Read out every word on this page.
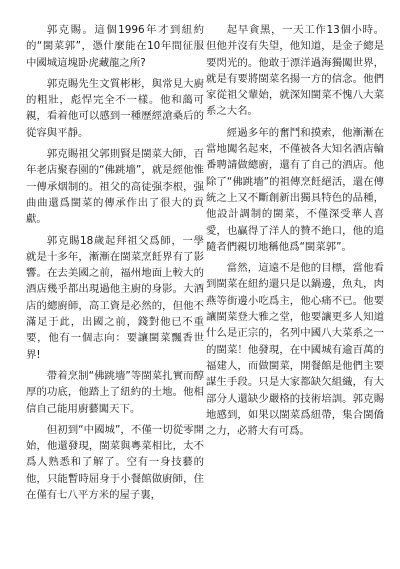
郭克賜。這個1996年才到紐約的“閩菜郭”，憑什麼能在10年間征服中國城這塊卧虎藏龍之所?

郭克賜先生文質彬彬，與常見大廚的粗壯，彪悍完全不一樣。他和藹可親，看着他可以感到一種歷經滄桑后的從容與平靜。

郭克賜祖父郭則賢是閩菜大師，百年老店聚春園的“佛跳墻”，就是經他惟一傳承烟制的。祖父的高徒强李根，强曲曲還爲閩菜的傳承作出了很大的貢獻。

郭克賜18歲起拜祖父爲師，一學就是十多年，漸漸在閩菜烹飪界有了影響。在去美國之前，福州地面上較大的酒店幾乎都出現過他主廚的身影。大酒店的總廚師，高工資是必然的，但他不滿足于此，出國之前，錢對他已不重要，他有一個志向：要讓閩菜飄香世界!

帶着烹制“佛跳墻”等閩菜扎實而醇厚的功底，他踏上了紐約的土地。他相信自己能用廚藝闖天下。

但初到“中國城”，不僅一切從零開始，他還發現，閩菜與粵菜相比，太不爲人熟悉和了解了。空有一身技藝的他，只能暫時屈身于小餐館做廚師，住在僅有七八平方米的屋子裏，

起早貪黑，一天工作13個小時。但他并沒有失望，他知道，是金子總是要閃光的。他敢于漂洋過海獨闖世界，就是有要將閩菜名揚一方的信念。他們家從祖父輩始，就深知閩菜不愧八大菜系之大名。

經過多年的奮鬥和摸索，他漸漸在當地闖名起來，不僅被各大知名酒店輪番聘請做總廚，還有了自己的酒店。他除了“佛跳墻”的祖傳烹飪絕活，還在傳統之上又不斷創新出獨具特色的品種，他設計調制的閩菜，不僅深受華人喜愛，也贏得了洋人的贊不絶口，他的追隨者們親切地稱他爲“閩菜郭”。

當然，這遠不是他的目標，當他看到閩菜在紐約還只是以鍋邊，魚丸，肉燕等街邊小吃爲主，他心痛不已。他要讓閩菜登大雅之堂，他要讓更多人知道什么是正宗的，名列中國八大菜系之一的閩菜！他發現，在中國城有逾百萬的福建人，而做閩菜，開餐館是他們主要謀生手段。只是大家都缺欠組織，有大部分人還缺少嚴格的技術培訓。郭克賜地感到，如果以閩菜爲紐帶，集合閩僑之力，必將大有可爲。
